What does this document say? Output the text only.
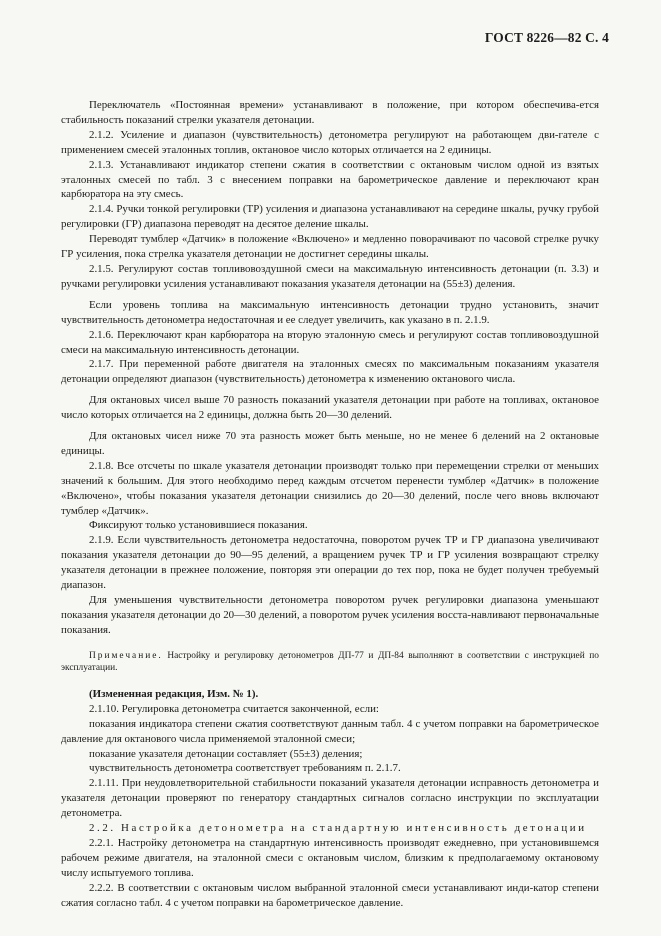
ГОСТ 8226—82 С. 4

Переключатель «Постоянная времени» устанавливают в положение, при котором обеспечива-ется стабильность показаний стрелки указателя детонации.

2.1.2. Усиление и диапазон (чувствительность) детонометра регулируют на работающем дви-гателе с применением смесей эталонных топлив, октановое число которых отличается на 2 единицы.

2.1.3. Устанавливают индикатор степени сжатия в соответствии с октановым числом одной из взятых эталонных смесей по табл. 3 с внесением поправки на барометрическое давление и переключают кран карбюратора на эту смесь.

2.1.4. Ручки тонкой регулировки (ТР) усиления и диапазона устанавливают на середине шкалы, ручку грубой регулировки (ГР) диапазона переводят на десятое деление шкалы.

Переводят тумблер «Датчик» в положение «Включено» и медленно поворачивают по часовой стрелке ручку ГР усиления, пока стрелка указателя детонации не достигнет середины шкалы.

2.1.5. Регулируют состав топливовоздушной смеси на максимальную интенсивность детонации (п. 3.3) и ручками регулировки усиления устанавливают показания указателя детонации на (55±3) деления.

Если уровень топлива на максимальную интенсивность детонации трудно установить, значит чувствительность детонометра недостаточная и ее следует увеличить, как указано в п. 2.1.9.

2.1.6. Переключают кран карбюратора на вторую эталонную смесь и регулируют состав топливовоздушной смеси на максимальную интенсивность детонации.

2.1.7. При переменной работе двигателя на эталонных смесях по максимальным показаниям указателя детонации определяют диапазон (чувствительность) детонометра к изменению октанового числа.

Для октановых чисел выше 70 разность показаний указателя детонации при работе на топливах, октановое число которых отличается на 2 единицы, должна быть 20—30 делений.

Для октановых чисел ниже 70 эта разность может быть меньше, но не менее 6 делений на 2 октановые единицы.

2.1.8. Все отсчеты по шкале указателя детонации производят только при перемещении стрелки от меньших значений к большим. Для этого необходимо перед каждым отсчетом перенести тумблер «Датчик» в положение «Включено», чтобы показания указателя детонации снизились до 20—30 делений, после чего вновь включают тумблер «Датчик».

Фиксируют только установившиеся показания.

2.1.9. Если чувствительность детонометра недостаточна, поворотом ручек ТР и ГР диапазона увеличивают показания указателя детонации до 90—95 делений, а вращением ручек ТР и ГР усиления возвращают стрелку указателя детонации в прежнее положение, повторяя эти операции до тех пор, пока не будет получен требуемый диапазон.

Для уменьшения чувствительности детонометра поворотом ручек регулировки диапазона уменьшают показания указателя детонации до 20—30 делений, а поворотом ручек усиления восста-навливают первоначальные показания.

Примечание. Настройку и регулировку детонометров ДП-77 и ДП-84 выполняют в соответствии с инструкцией по эксплуатации.

(Измененная редакция, Изм. № 1).

2.1.10. Регулировка детонометра считается законченной, если:

показания индикатора степени сжатия соответствуют данным табл. 4 с учетом поправки на барометрическое давление для октанового числа применяемой эталонной смеси;

показание указателя детонации составляет (55±3) деления;

чувствительность детонометра соответствует требованиям п. 2.1.7.

2.1.11. При неудовлетворительной стабильности показаний указателя детонации исправность детонометра и указателя детонации проверяют по генератору стандартных сигналов согласно инструкции по эксплуатации детонометра.

2.2. Настройка детонометра на стандартную интенсивность детонации

2.2.1. Настройку детонометра на стандартную интенсивность производят ежедневно, при установившемся рабочем режиме двигателя, на эталонной смеси с октановым числом, близким к предполагаемому октановому числу испытуемого топлива.

2.2.2. В соответствии с октановым числом выбранной эталонной смеси устанавливают инди-катор степени сжатия согласно табл. 4 с учетом поправки на барометрическое давление.
